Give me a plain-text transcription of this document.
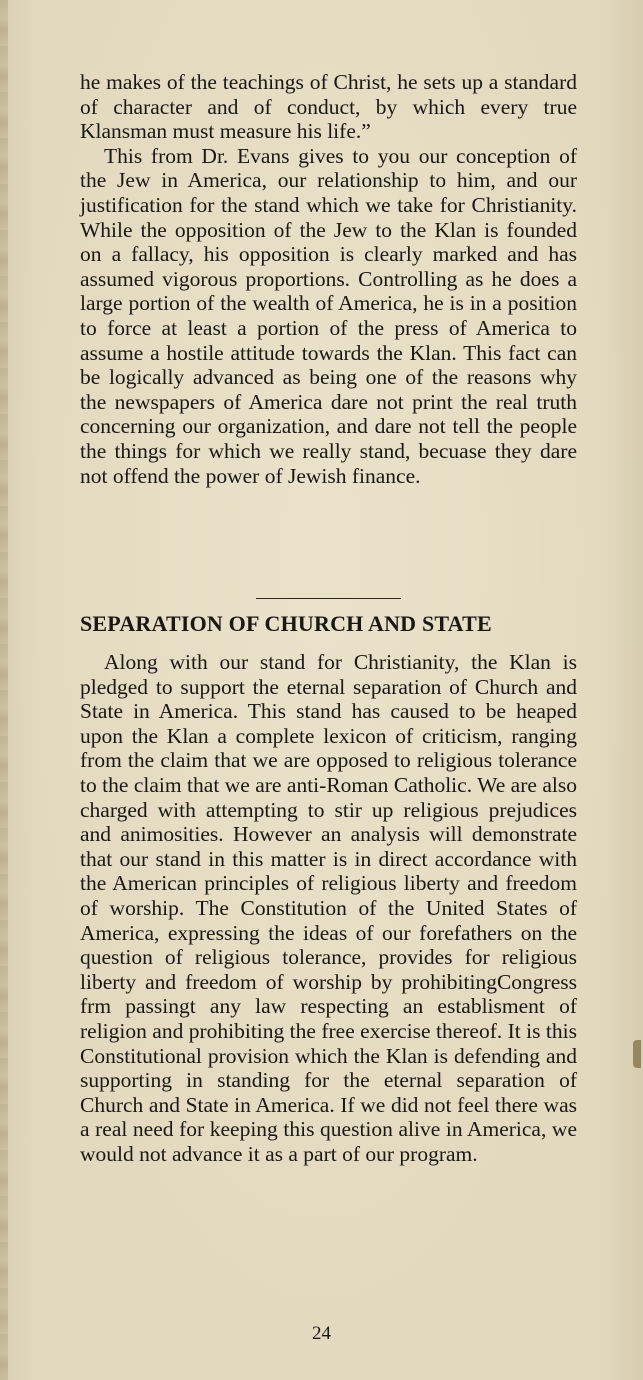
he makes of the teachings of Christ, he sets up a standard of character and of conduct, by which every true Klansman must measure his life.”

This from Dr. Evans gives to you our conception of the Jew in America, our relationship to him, and our justification for the stand which we take for Christianity. While the opposition of the Jew to the Klan is founded on a fallacy, his opposition is clearly marked and has assumed vigorous proportions. Controlling as he does a large portion of the wealth of America, he is in a position to force at least a portion of the press of America to assume a hostile attitude towards the Klan. This fact can be logically advanced as being one of the reasons why the newspapers of America dare not print the real truth concerning our organization, and dare not tell the people the things for which we really stand, becuase they dare not offend the power of Jewish finance.

SEPARATION OF CHURCH AND STATE

Along with our stand for Christianity, the Klan is pledged to support the eternal separation of Church and State in America. This stand has caused to be heaped upon the Klan a complete lexicon of criticism, ranging from the claim that we are opposed to religious tolerance to the claim that we are anti-Roman Catholic. We are also charged with attempting to stir up religious prejudices and animosities. However an analysis will demonstrate that our stand in this matter is in direct accordance with the American principles of religious liberty and freedom of worship. The Constitution of the United States of America, expressing the ideas of our forefathers on the question of religious tolerance, provides for religious liberty and freedom of worship by prohibitingCongress frm passingt any law respecting an establisment of religion and prohibiting the free exercise thereof. It is this Constitutional provision which the Klan is defending and supporting in standing for the eternal separation of Church and State in America. If we did not feel there was a real need for keeping this question alive in America, we would not advance it as a part of our program.

24
